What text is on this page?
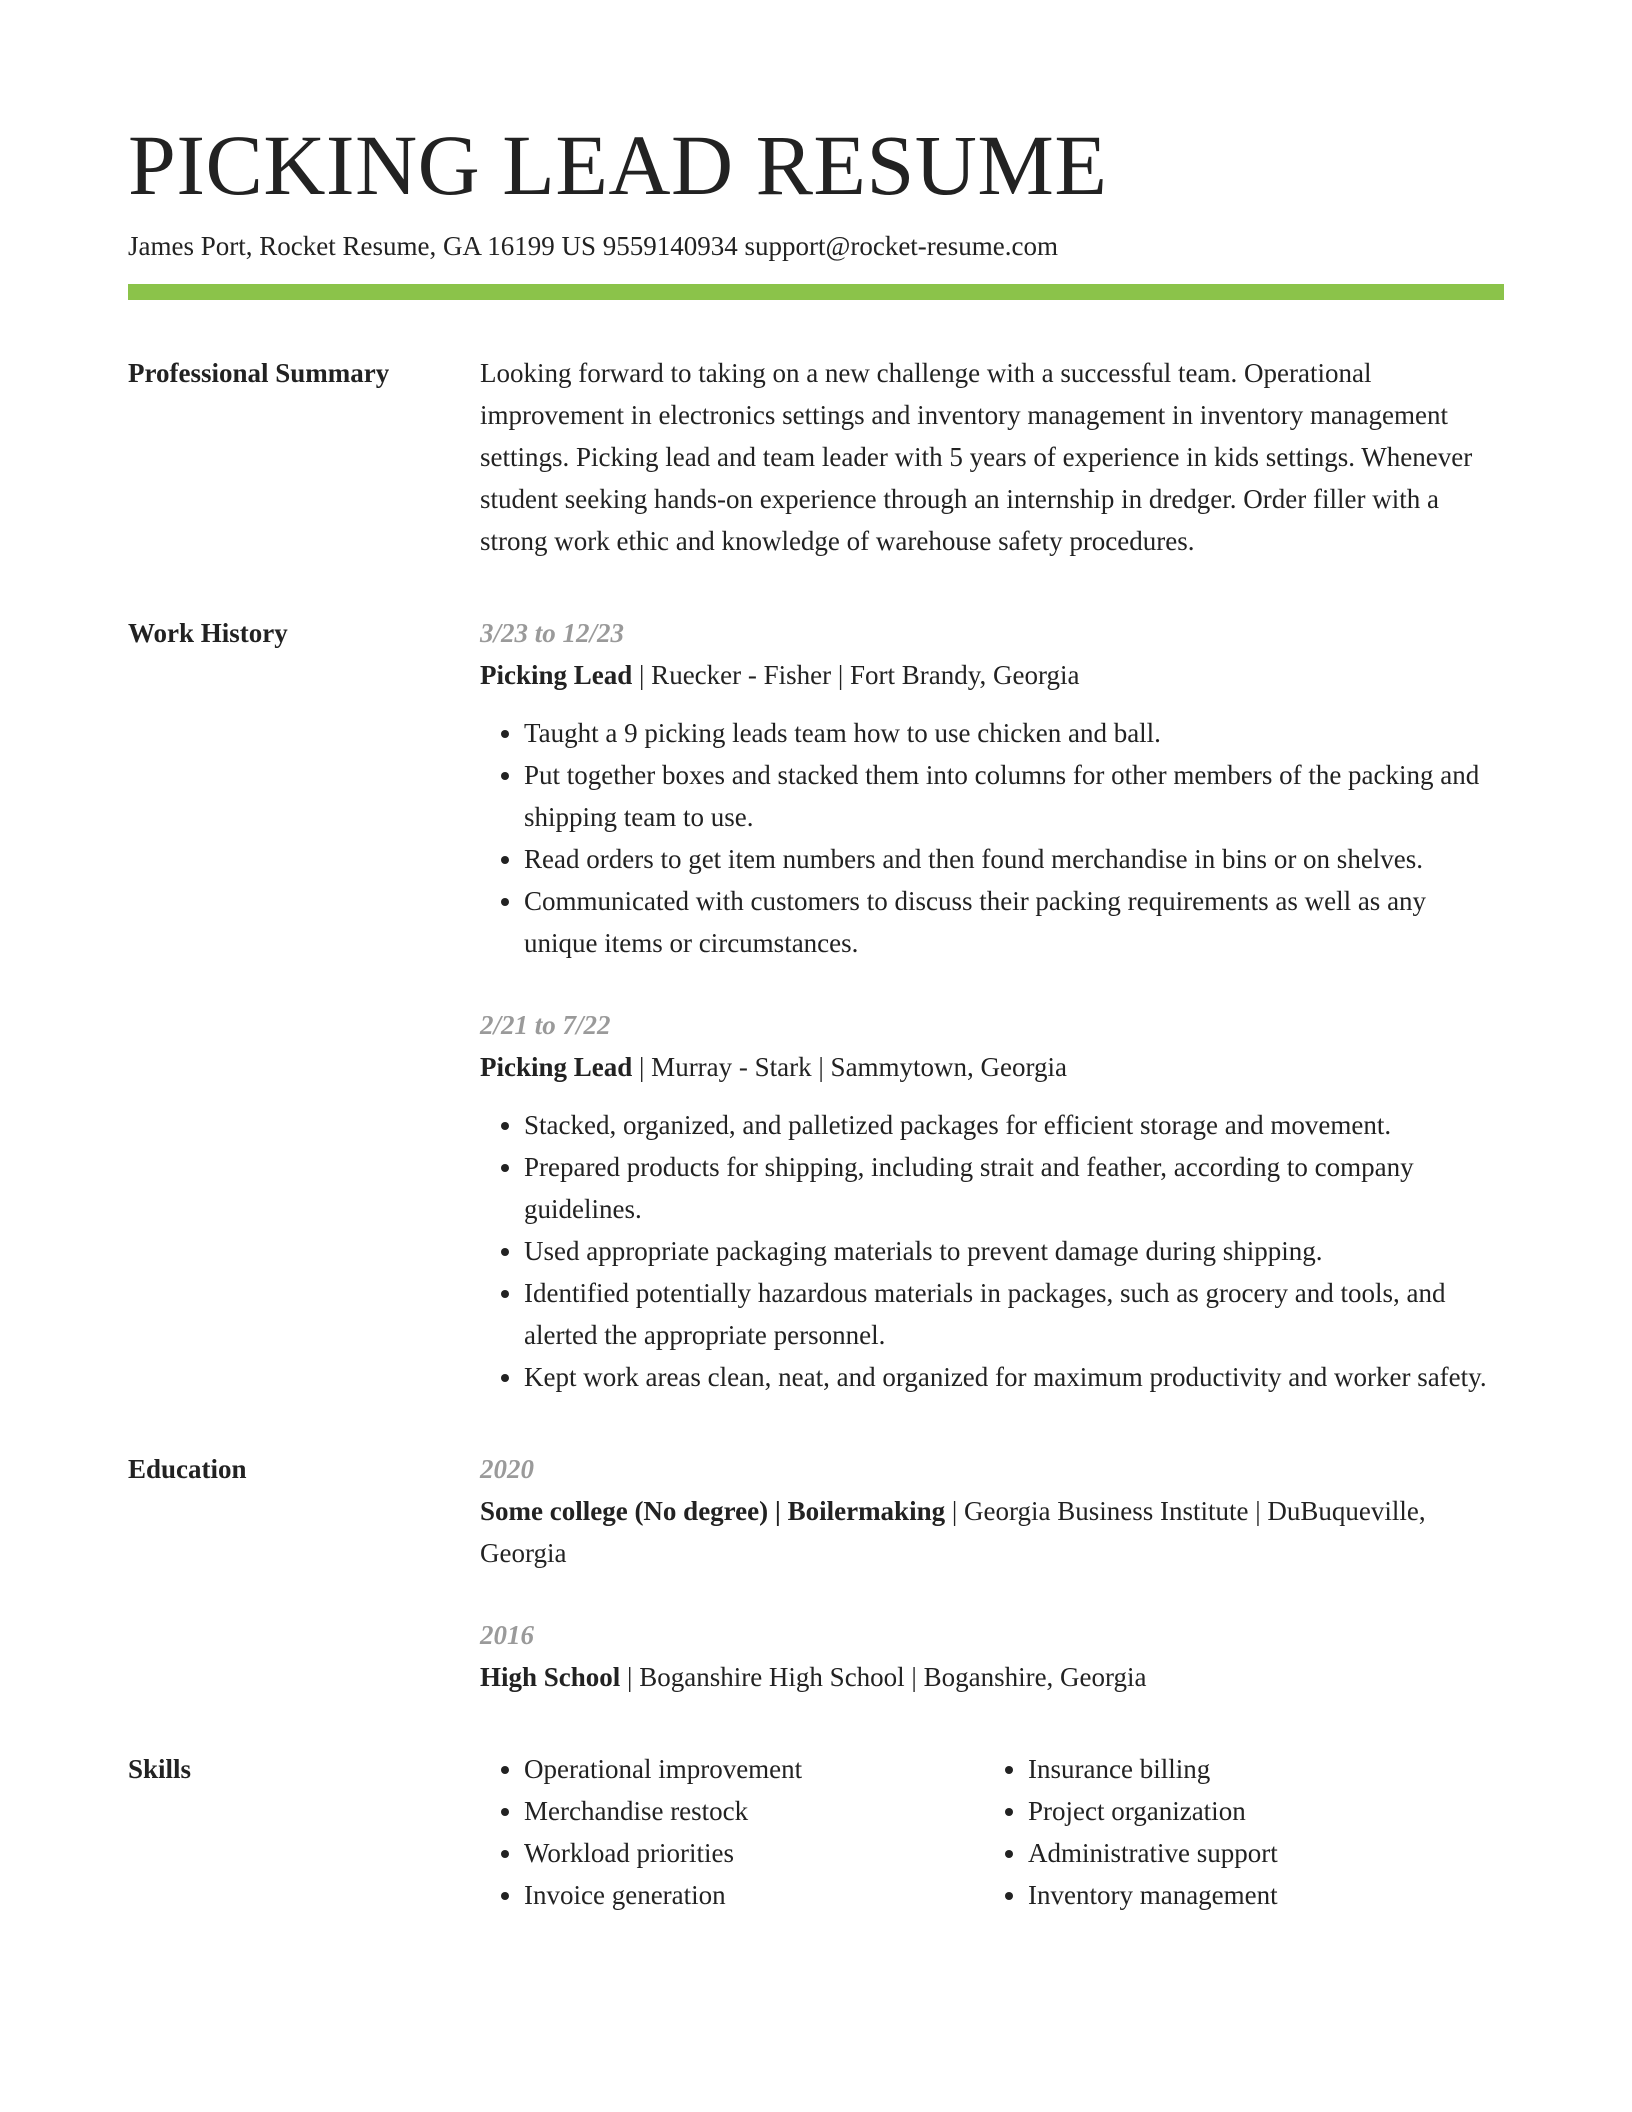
PICKING LEAD RESUME
James Port, Rocket Resume, GA 16199 US 9559140934 support@rocket-resume.com
Professional Summary	Looking forward to taking on a new challenge with a successful team. Operational improvement in electronics settings and inventory management in inventory management settings. Picking lead and team leader with 5 years of experience in kids settings. Whenever student seeking hands-on experience through an internship in dredger. Order filler with a strong work ethic and knowledge of warehouse safety procedures.

Work History	3/23 to 12/23
Picking Lead | Ruecker - Fisher | Fort Brandy, Georgia
• Taught a 9 picking leads team how to use chicken and ball.
• Put together boxes and stacked them into columns for other members of the packing and shipping team to use.
• Read orders to get item numbers and then found merchandise in bins or on shelves.
• Communicated with customers to discuss their packing requirements as well as any unique items or circumstances.
2/21 to 7/22
Picking Lead | Murray - Stark | Sammytown, Georgia
• Stacked, organized, and palletized packages for efficient storage and movement.
• Prepared products for shipping, including strait and feather, according to company guidelines.
• Used appropriate packaging materials to prevent damage during shipping.
• Identified potentially hazardous materials in packages, such as grocery and tools, and alerted the appropriate personnel.
• Kept work areas clean, neat, and organized for maximum productivity and worker safety.
Education	2020
Some college (No degree) | Boilermaking | Georgia Business Institute | DuBuqueville, Georgia
2016
High School | Boganshire High School | Boganshire, Georgia
Skills
•	Operational improvement
• Merchandise restock
• Workload priorities
• Invoice generation
• Insurance billing
• Project organization
• Administrative support
• Inventory management
